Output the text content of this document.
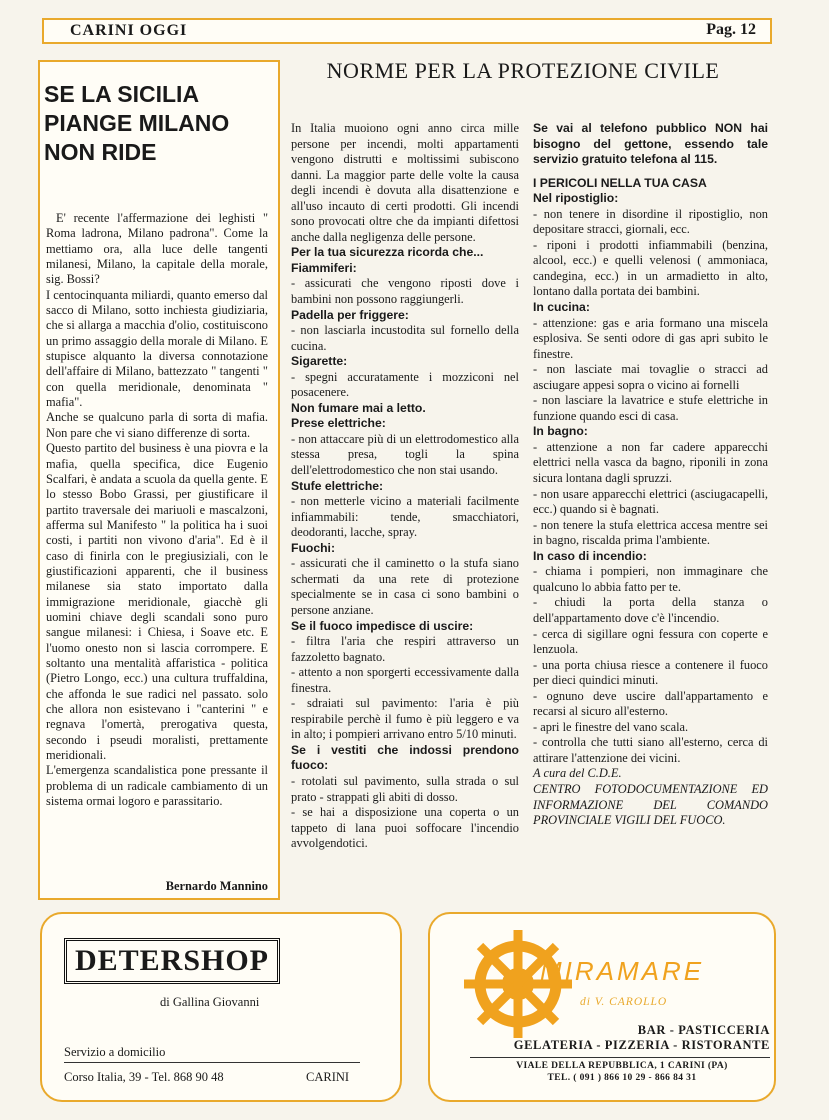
CARINI OGGI	Pag. 12
SE LA SICILIA
PIANGE MILANO
NON RIDE

E' recente l'affermazione dei leghisti " Roma ladrona, Milano padrona". Come la mettiamo ora, alla luce delle tangenti milanesi, Milano, la capitale della morale, sig. Bossi?

I centocinquanta miliardi, quanto emerso dal sacco di Milano, sotto inchiesta giudiziaria, che si allarga a macchia d'olio, costituiscono un primo assaggio della morale di Milano. E stupisce alquanto la diversa connotazione dell'affaire di Milano, battezzato " tangenti " con quella meridionale, denominata " mafia".

Anche se qualcuno parla di sorta di mafia. Non pare che vi siano differenze di sorta.

Questo partito del business è una piovra e la mafia, quella specifica, dice Eugenio Scalfari, è andata a scuola da quella gente. E lo stesso Bobo Grassi, per giustificare il partito traversale dei mariuoli e mascalzoni, afferma sul Manifesto " la politica ha i suoi costi, i partiti non vivono d'aria". Ed è il caso di finirla con le pregiusiziali, con le giustificazioni apparenti, che il business milanese sia stato importato dalla immigrazione meridionale, giacchè gli uomini chiave degli scandali sono puro sangue milanesi: i Chiesa, i Soave etc. E l'uomo onesto non si lascia corrompere. E soltanto una mentalità affaristica - politica (Pietro Longo, ecc.) una cultura truffaldina, che affonda le sue radici nel passato. solo che allora non esistevano i "canterini " e regnava l'omertà, prerogativa questa, secondo i pseudi moralisti, prettamente meridionali.

L'emergenza scandalistica pone pressante il problema di un radicale cambiamento di un sistema ormai logoro e parassitario.

Bernardo Mannino
NORME PER LA PROTEZIONE CIVILE

In Italia muoiono ogni anno circa mille persone per incendi, molti appartamenti vengono distrutti e moltissimi subiscono danni. La maggior parte delle volte la causa degli incendi è dovuta alla disattenzione e all'uso incauto di certi prodotti. Gli incendi sono provocati oltre che da impianti difettosi anche dalla negligenza delle persone.

Per la tua sicurezza ricorda che...

Fiammiferi:

- assicurati che vengono riposti dove i bambini non possono raggiungerli.

Padella per friggere:

- non lasciarla incustodita sul fornello della cucina.

Sigarette:

- spegni accuratamente i mozziconi nel posacenere.

Non fumare mai a letto.

Prese elettriche:

- non attaccare più di un elettrodomestico alla stessa presa, togli la spina dell'elettrodomestico che non stai usando.

Stufe elettriche:

- non metterle vicino a materiali facilmente infiammabili: tende, smacchiatori, deodoranti, lacche, spray.

Fuochi:

- assicurati che il caminetto o la stufa siano schermati da una rete di protezione specialmente se in casa ci sono bambini o persone anziane.

Se il fuoco impedisce di uscire:

- filtra l'aria che respiri attraverso un fazzoletto bagnato.

- attento a non sporgerti eccessivamente dalla finestra.

- sdraiati sul pavimento: l'aria è più respirabile perchè il fumo è più leggero e va in alto; i pompieri arrivano entro 5/10 minuti.

Se i vestiti che indossi prendono fuoco:

- rotolati sul pavimento, sulla strada o sul prato - strappati gli abiti di dosso.

- se hai a disposizione una coperta o un tappeto di lana puoi soffocare l'incendio avvolgendotici.

Se vai al telefono pubblico NON hai bisogno del gettone, essendo tale servizio gratuito telefona al 115.

I PERICOLI NELLA TUA CASA

Nel ripostiglio:

- non tenere in disordine il ripostiglio, non depositare stracci, giornali, ecc.

- riponi i prodotti infiammabili (benzina, alcool, ecc.) e quelli velenosi ( ammoniaca, candegina, ecc.) in un armadietto in alto, lontano dalla portata dei bambini.

In cucina:

- attenzione: gas e aria formano una miscela esplosiva. Se senti odore di gas apri subito le finestre.

- non lasciate mai tovaglie o stracci ad asciugare appesi sopra o vicino ai fornelli

- non lasciare la lavatrice e stufe elettriche in funzione quando esci di casa.

In bagno:

- attenzione a non far cadere apparecchi elettrici nella vasca da bagno, riponili in zona sicura lontana dagli spruzzi.

- non usare apparecchi elettrici (asciugacapelli, ecc.) quando si è bagnati.

- non tenere la stufa elettrica accesa mentre sei in bagno, riscalda prima l'ambiente.

In caso di incendio:

- chiama i pompieri, non immaginare che qualcuno lo abbia fatto per te.

- chiudi la porta della stanza o dell'appartamento dove c'è l'incendio.

- cerca di sigillare ogni fessura con coperte e lenzuola.

- una porta chiusa riesce a contenere il fuoco per dieci quindici minuti.

- ognuno deve uscire dall'appartamento e recarsi al sicuro all'esterno.

- apri le finestre del vano scala.

- controlla che tutti siano all'esterno, cerca di attirare l'attenzione dei vicini.

A cura del C.D.E.

CENTRO FOTODOCUMENTAZIONE ED INFORMAZIONE DEL COMANDO PROVINCIALE VIGILI DEL FUOCO.

DETERSHOP
di Gallina Giovanni
Servizio a domicilio
Corso Italia, 39 - Tel. 868 90 48	CARINI
MIRAMARE
di V. CAROLLO
BAR - PASTICCERIA
GELATERIA - PIZZERIA - RISTORANTE
VIALE DELLA REPUBBLICA, 1 CARINI (PA)
TEL. ( 091 ) 866 10 29 - 866 84 31
